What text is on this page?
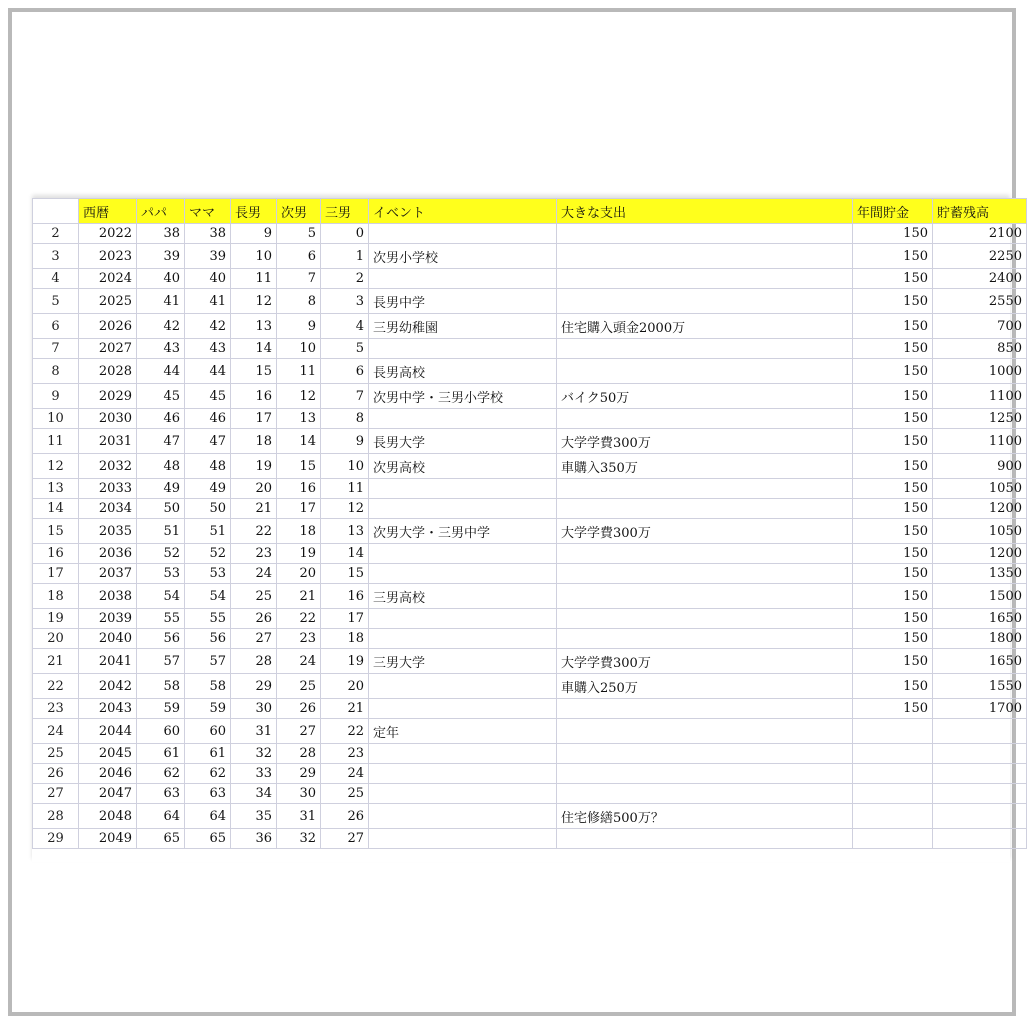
	西暦	パパ	ママ	長男	次男	三男	イベント	大きな支出	年間貯金	貯蓄残高
2	2022	38	38	9	5	0			150	2100
3	2023	39	39	10	6	1	次男小学校		150	2250
4	2024	40	40	11	7	2			150	2400
5	2025	41	41	12	8	3	長男中学		150	2550
6	2026	42	42	13	9	4	三男幼稚園	住宅購入頭金2000万	150	700
7	2027	43	43	14	10	5			150	850
8	2028	44	44	15	11	6	長男高校		150	1000
9	2029	45	45	16	12	7	次男中学・三男小学校	バイク50万	150	1100
10	2030	46	46	17	13	8			150	1250
11	2031	47	47	18	14	9	長男大学	大学学費300万	150	1100
12	2032	48	48	19	15	10	次男高校	車購入350万	150	900
13	2033	49	49	20	16	11			150	1050
14	2034	50	50	21	17	12			150	1200
15	2035	51	51	22	18	13	次男大学・三男中学	大学学費300万	150	1050
16	2036	52	52	23	19	14			150	1200
17	2037	53	53	24	20	15			150	1350
18	2038	54	54	25	21	16	三男高校		150	1500
19	2039	55	55	26	22	17			150	1650
20	2040	56	56	27	23	18			150	1800
21	2041	57	57	28	24	19	三男大学	大学学費300万	150	1650
22	2042	58	58	29	25	20		車購入250万	150	1550
23	2043	59	59	30	26	21			150	1700
24	2044	60	60	31	27	22	定年			
25	2045	61	61	32	28	23				
26	2046	62	62	33	29	24				
27	2047	63	63	34	30	25				
28	2048	64	64	35	31	26		住宅修繕500万？		
29	2049	65	65	36	32	27				
